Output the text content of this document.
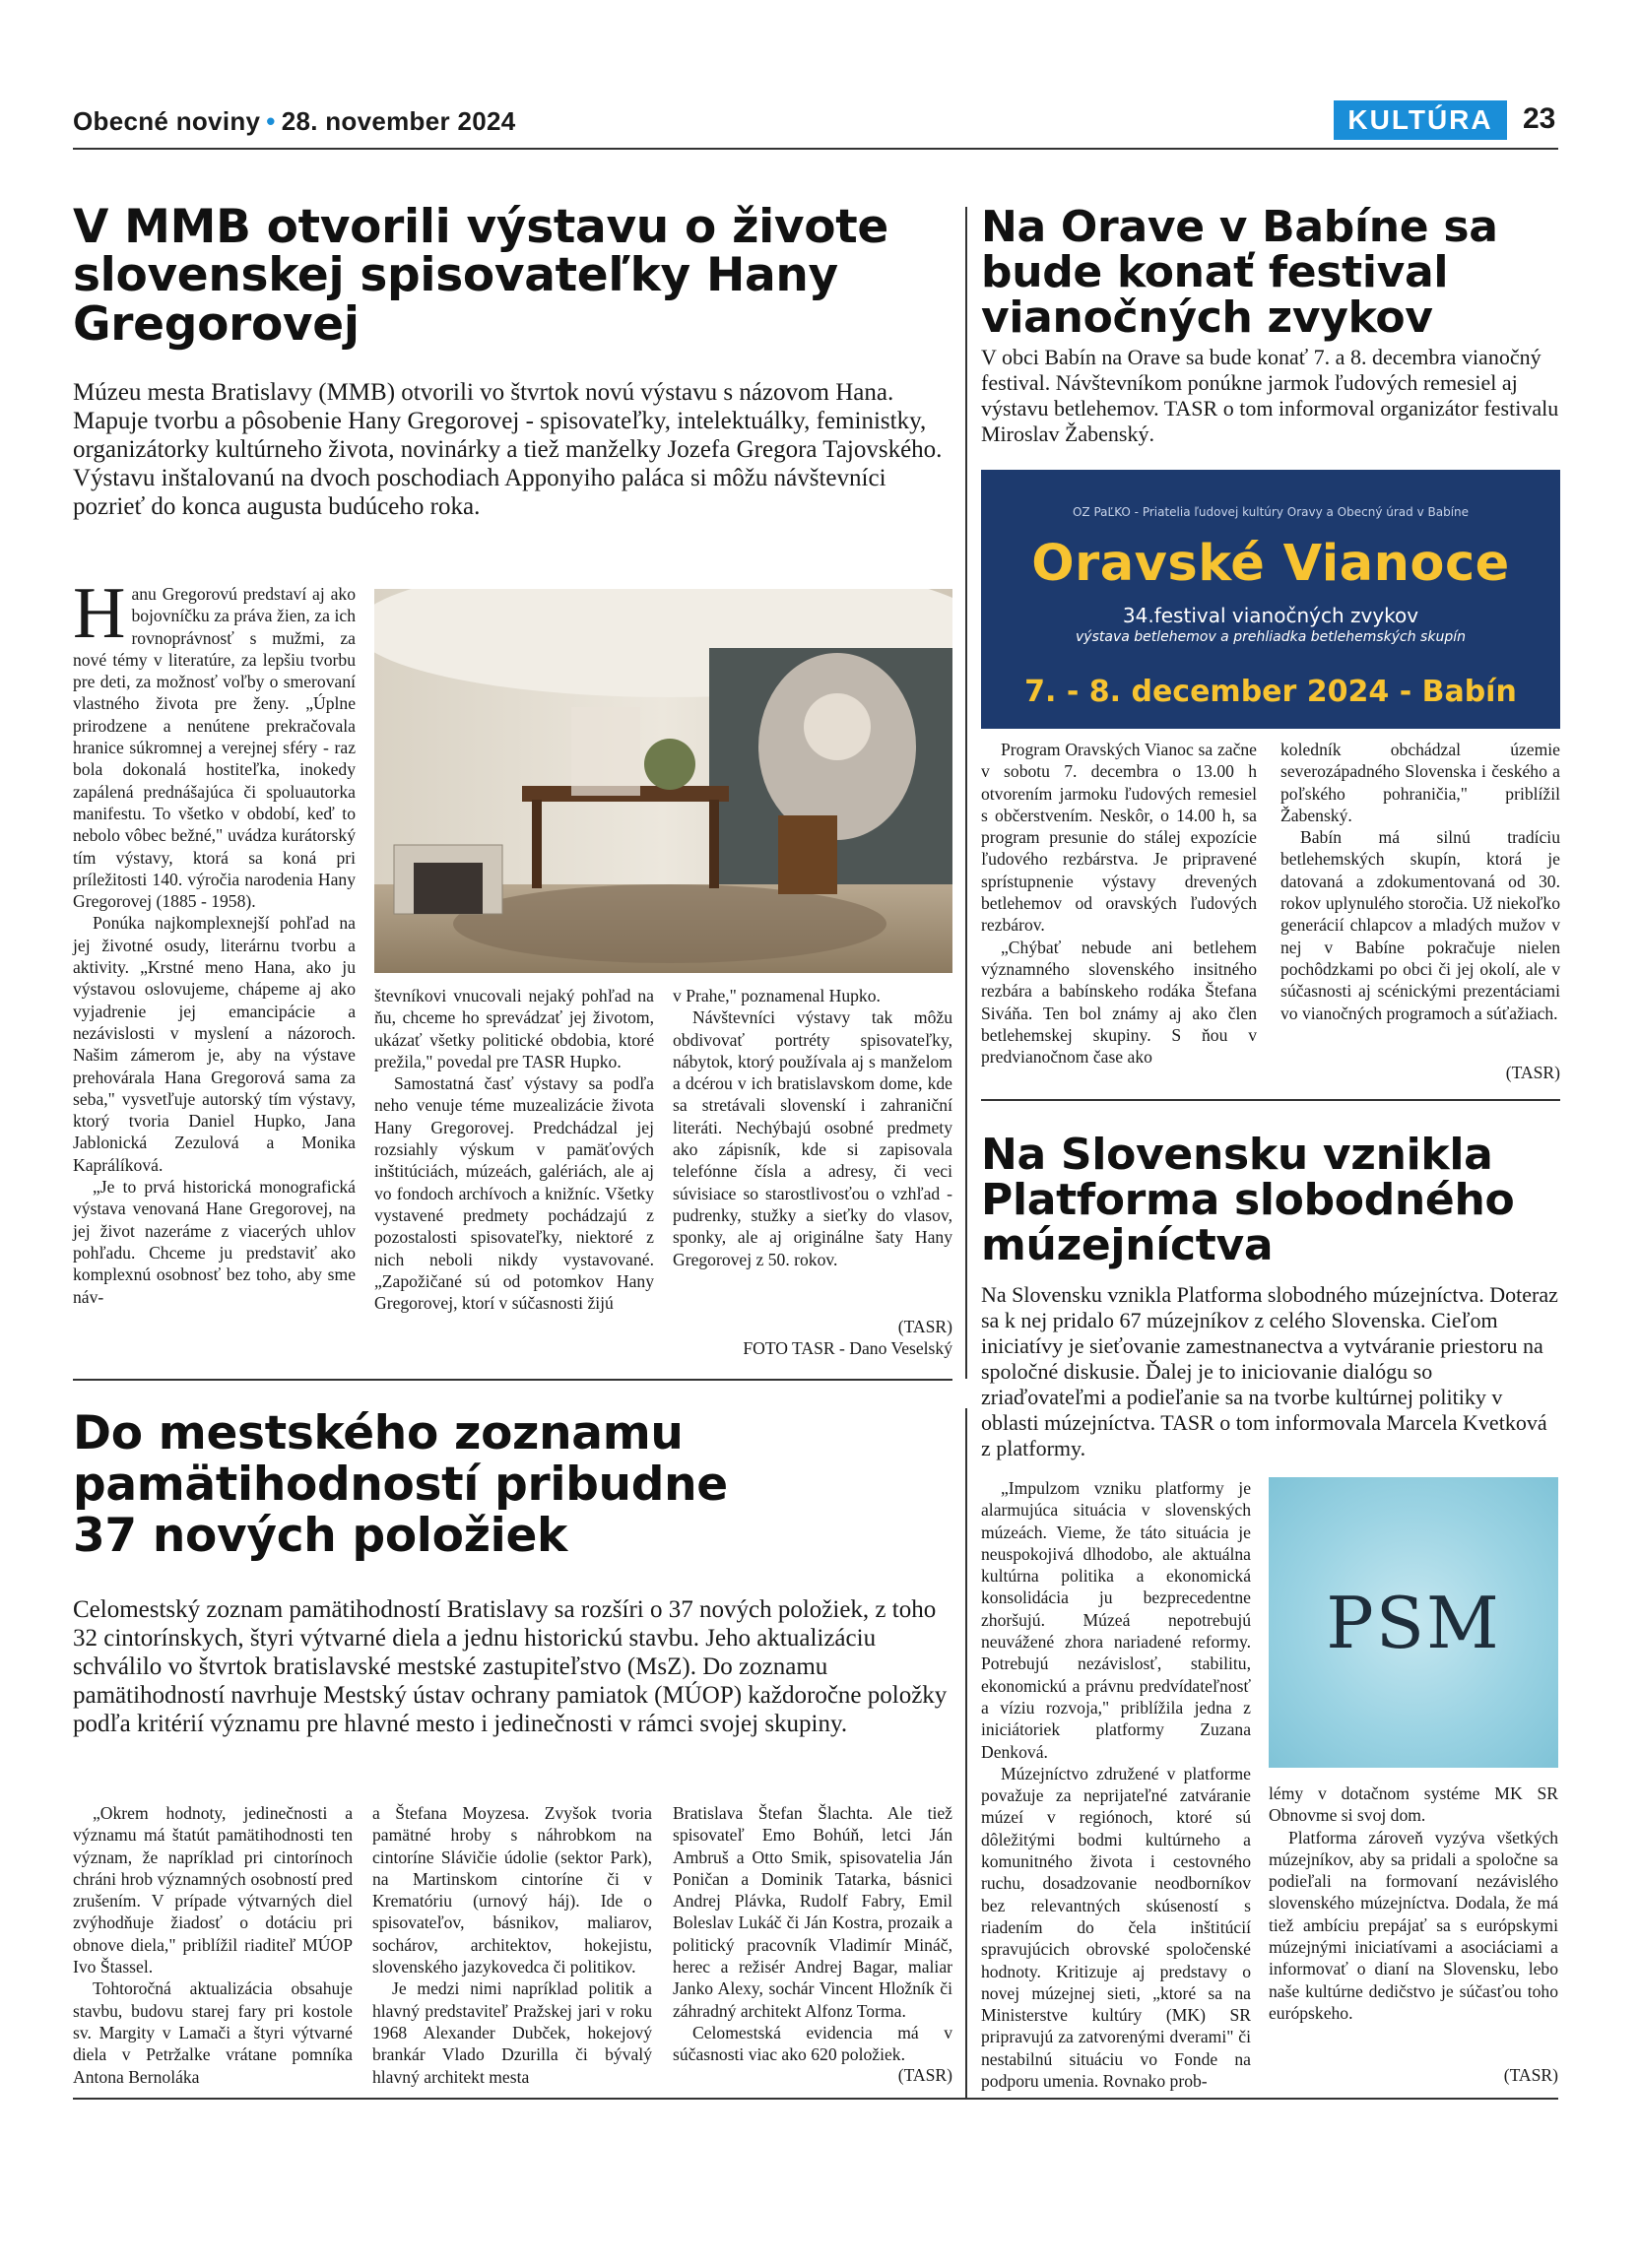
Obecné noviny • 28. november 2024	KULTÚRA	23
V MMB otvorili výstavu o živote slovenskej spisovateľky Hany Gregorovej
Múzeu mesta Bratislavy (MMB) otvorili vo štvrtok novú výstavu s názovom Hana. Mapuje tvorbu a pôsobenie Hany Gregorovej - spisovateľky, intelektuálky, feministky, organizátorky kultúrneho života, novinárky a tiež manželky Jozefa Gregora Tajovského. Výstavu inštalovanú na dvoch poschodiach Apponyiho paláca si môžu návštevníci pozrieť do konca augusta budúceho roka.

Hanu Gregorovú predstaví aj ako bojovníčku za práva žien, za ich rovnoprávnosť s mužmi, za nové témy v literatúre, za lepšiu tvorbu pre deti, za možnosť voľby o smerovaní vlastného života pre ženy. „Úplne prirodzene a nenútene prekračovala hranice súkromnej a verejnej sféry - raz bola dokonalá hostiteľka, inokedy zapálená prednášajúca či spoluautorka manifestu. To všetko v období, keď to nebolo vôbec bežné," uvádza kurátorský tím výstavy, ktorá sa koná pri príležitosti 140. výročia narodenia Hany Gregorovej (1885 - 1958).

Ponúka najkomplexnejší pohľad na jej životné osudy, literárnu tvorbu a aktivity. „Krstné meno Hana, ako ju výstavou oslovujeme, chápeme aj ako vyjadrenie jej emancipácie a nezávislosti v myslení a názoroch. Našim zámerom je, aby na výstave prehovárala Hana Gregorová sama za seba," vysvetľuje autorský tím výstavy, ktorý tvoria Daniel Hupko, Jana Jablonická Zezulová a Monika Kaprálíková.

„Je to prvá historická monografická výstava venovaná Hane Gregorovej, na jej život nazeráme z viacerých uhlov pohľadu. Chceme ju predstaviť ako komplexnú osobnosť bez toho, aby sme náv-

števníkovi vnucovali nejaký pohľad na ňu, chceme ho sprevádzať jej životom, ukázať všetky politické obdobia, ktoré prežila," povedal pre TASR Hupko.

Samostatná časť výstavy sa podľa neho venuje téme muzealizácie života Hany Gregorovej. Predchádzal jej rozsiahly výskum v pamäťových inštitúciách, múzeách, galériách, ale aj vo fondoch archívoch a knižníc. Všetky vystavené predmety pochádzajú z pozostalosti spisovateľky, niektoré z nich neboli nikdy vystavované. „Zapožičané sú od potomkov Hany Gregorovej, ktorí v súčasnosti žijú

v Prahe," poznamenal Hupko.

Návštevníci výstavy tak môžu obdivovať portréty spisovateľky, nábytok, ktorý používala aj s manželom a dcérou v ich bratislavskom dome, kde sa stretávali slovenskí i zahraniční literáti. Nechýbajú osobné predmety ako zápisník, kde si zapisovala telefónne čísla a adresy, či veci súvisiace so starostlivosťou o vzhľad - pudrenky, stužky a sieťky do vlasov, sponky, ale aj originálne šaty Hany Gregorovej z 50. rokov.

(TASR)
FOTO TASR - Dano Veselský
Na Orave v Babíne sa bude konať festival vianočných zvykov
V obci Babín na Orave sa bude konať 7. a 8. decembra vianočný festival. Návštevníkom ponúkne jarmok ľudových remesiel aj výstavu betlehemov. TASR o tom informoval organizátor festivalu Miroslav Žabenský.
OZ PaĽKO - Priatelia ľudovej kultúry Oravy a Obecný úrad v Babíne
Oravské Vianoce
34.festival vianočných zvykov
výstava betlehemov a prehliadka betlehemských skupín
7. - 8. december 2024 - Babín

Program Oravských Vianoc sa začne v sobotu 7. decembra o 13.00 h otvorením jarmoku ľudových remesiel s občerstvením. Neskôr, o 14.00 h, sa program presunie do stálej expozície ľudového rezbárstva. Je pripravené sprístupnenie výstavy drevených betlehemov od oravských ľudových rezbárov.

„Chýbať nebude ani betlehem významného slovenského insitného rezbára a babínskeho rodáka Štefana Siváňa. Ten bol známy aj ako člen betlehemskej skupiny. S ňou v predvianočnom čase ako

koledník obchádzal územie severozápadného Slovenska i českého a poľského pohraničia," priblížil Žabenský.

Babín má silnú tradíciu betlehemských skupín, ktorá je datovaná a zdokumentovaná od 30. rokov uplynulého storočia. Už niekoľko generácií chlapcov a mladých mužov v nej v Babíne pokračuje nielen pochôdzkami po obci či jej okolí, ale v súčasnosti aj scénickými prezentáciami vo vianočných programoch a súťažiach.

(TASR)
Na Slovensku vznikla Platforma slobodného múzejníctva
Na Slovensku vznikla Platforma slobodného múzejníctva. Doteraz sa k nej pridalo 67 múzejníkov z celého Slovenska. Cieľom iniciatívy je sieťovanie zamestnanectva a vytváranie priestoru na spoločné diskusie. Ďalej je to iniciovanie dialógu so zriaďovateľmi a podieľanie sa na tvorbe kultúrnej politiky v oblasti múzejníctva. TASR o tom informovala Marcela Kvetková z platformy.

„Impulzom vzniku platformy je alarmujúca situácia v slovenských múzeách. Vieme, že táto situácia je neuspokojivá dlhodobo, ale aktuálna kultúrna politika a ekonomická konsolidácia ju bezprecedentne zhoršujú. Múzeá nepotrebujú neuvážené zhora nariadené reformy. Potrebujú nezávislosť, stabilitu, ekonomickú a právnu predvídateľnosť a víziu rozvoja," priblížila jedna z iniciátoriek platformy Zuzana Denková.

Múzejníctvo združené v platforme považuje za neprijateľné zatváranie múzeí v regiónoch, ktoré sú dôležitými bodmi kultúrneho a komunitného života i cestovného ruchu, dosadzovanie neodborníkov bez relevantných skúseností s riadením do čela inštitúcií spravujúcich obrovské spoločenské hodnoty. Kritizuje aj predstavy o novej múzejnej sieti, „ktoré sa na Ministerstve kultúry (MK) SR pripravujú za zatvorenými dverami" či nestabilnú situáciu vo Fonde na podporu umenia. Rovnako prob-

PSM

lémy v dotačnom systéme MK SR Obnovme si svoj dom.

Platforma zároveň vyzýva všetkých múzejníkov, aby sa pridali a spoločne sa podieľali na formovaní nezávislého slovenského múzejníctva. Dodala, že má tiež ambíciu prepájať sa s európskymi múzejnými iniciatívami a asociáciami a informovať o dianí na Slovensku, lebo naše kultúrne dedičstvo je súčasťou toho európskeho.

(TASR)
Do mestského zoznamu
pamätihodností pribudne
37 nových položiek
Celomestský zoznam pamätihodností Bratislavy sa rozšíri o 37 nových položiek, z toho 32 cintorínskych, štyri výtvarné diela a jednu historickú stavbu. Jeho aktualizáciu schválilo vo štvrtok bratislavské mestské zastupiteľstvo (MsZ). Do zoznamu pamätihodností navrhuje Mestský ústav ochrany pamiatok (MÚOP) každoročne položky podľa kritérií významu pre hlavné mesto i jedinečnosti v rámci svojej skupiny.

„Okrem hodnoty, jedinečnosti a významu má štatút pamätihodnosti ten význam, že napríklad pri cintorínoch chráni hrob významných osobností pred zrušením. V prípade výtvarných diel zvýhodňuje žiadosť o dotáciu pri obnove diela," priblížil riaditeľ MÚOP Ivo Štassel.

Tohtoročná aktualizácia obsahuje stavbu, budovu starej fary pri kostole sv. Margity v Lamači a štyri výtvarné diela v Petržalke vrátane pomníka Antona Bernoláka

a Štefana Moyzesa. Zvyšok tvoria pamätné hroby s náhrobkom na cintoríne Slávičie údolie (sektor Park), na Martinskom cintoríne či v Krematóriu (urnový háj). Ide o spisovateľov, básnikov, maliarov, sochárov, architektov, hokejistu, slovenského jazykovedca či politikov.

Je medzi nimi napríklad politik a hlavný predstaviteľ Pražskej jari v roku 1968 Alexander Dubček, hokejový brankár Vlado Dzurilla či bývalý hlavný architekt mesta

Bratislava Štefan Šlachta. Ale tiež spisovateľ Emo Bohúň, letci Ján Ambruš a Otto Smik, spisovatelia Ján Poničan a Dominik Tatarka, básnici Andrej Plávka, Rudolf Fabry, Emil Boleslav Lukáč či Ján Kostra, prozaik a politický pracovník Vladimír Mináč, herec a režisér Andrej Bagar, maliar Janko Alexy, sochár Vincent Hložník či záhradný architekt Alfonz Torma.

Celomestská evidencia má v súčasnosti viac ako 620 položiek.

(TASR)
